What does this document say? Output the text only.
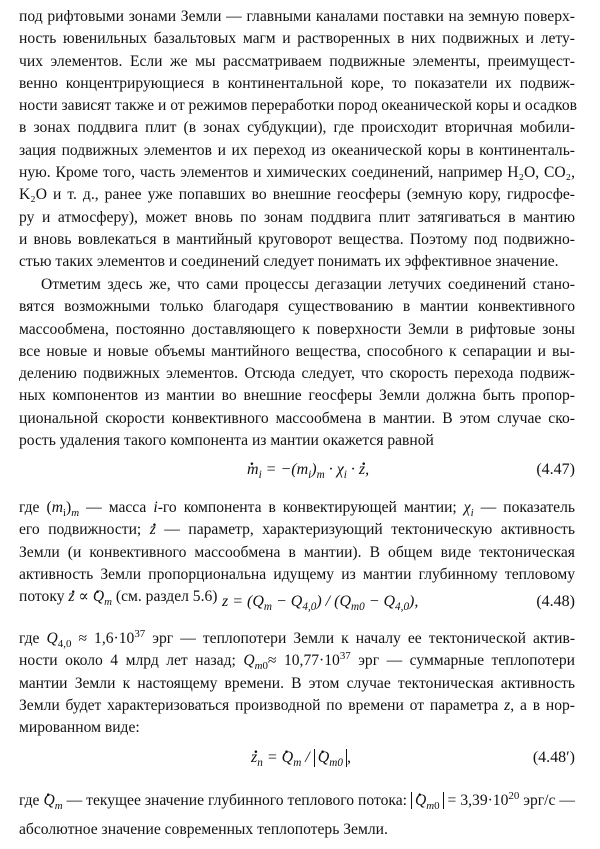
под рифтовыми зонами Земли — главными каналами поставки на земную поверх-
ность ювенильных базальтовых магм и растворенных в них подвижных и лету-
чих элементов. Если же мы рассматриваем подвижные элементы, преимущест-
венно концентрирующиеся в континентальной коре, то показатели их подвиж-
ности зависят также и от режимов переработки пород океанической коры и осадков
в зонах поддвига плит (в зонах субдукции), где происходит вторичная мобили-
зация подвижных элементов и их переход из океанической коры в континенталь-
ную. Кроме того, часть элементов и химических соединений, например H₂O, CO₂,
K₂O и т. д., ранее уже попавших во внешние геосферы (земную кору, гидросфе-
ру и атмосферу), может вновь по зонам поддвига плит затягиваться в мантию
и вновь вовлекаться в мантийный круговорот вещества. Поэтому под подвижно-
стью таких элементов и соединений следует понимать их эффективное значение.
Отметим здесь же, что сами процессы дегазации летучих соединений стано-
вятся возможными только благодаря существованию в мантии конвективного
массообмена, постоянно доставляющего к поверхности Земли в рифтовые зоны
все новые и новые объемы мантийного вещества, способного к сепарации и вы-
делению подвижных элементов. Отсюда следует, что скорость перехода подвиж-
ных компонентов из мантии во внешние геосферы Земли должна быть пропор-
циональной скорости конвективного массообмена в мантии. В этом случае ско-
рость удаления такого компонента из мантии окажется равной
m $._i = -(m_i)_m \cdot \chi_i \cdot z$ .,	(4.47)
где $(m_i)_m$ — масса i-го компонента в конвектирующей мантии; $\chi_i$ — показатель
его подвижности; z . — параметр, характеризующий тектоническую активность
Земли (и конвективного массообмена в мантии). В общем виде тектоническая
активность Земли пропорциональна идущему из мантии глубинному тепловому
потоку z . ∝ Q $._m$ (см. раздел 5.6) $z = (Q_m - Q_{4,0}) / (Q_{m0} - Q_{4,0})$,	(4.48)
где $Q_{4,0} \approx 1,6\cdot 10^{37}$ эрг — теплопотери Земли к началу ее тектонической актив-
ности около 4 млрд лет назад; $Q_{m0}\approx 10,77\cdot 10^{37}$ эрг — суммарные теплопотери
мантии Земли к настоящему времени. В этом случае тектоническая активность
Земли будет характеризоваться производной по времени от параметра z, а в нор-
мированном виде:
z $._n = Q$ $._m$ / Q $._{m0}$ ,	(4.48′)
где Q $._m$ — текущее значение глубинного теплового потока: Q $._{m0} = 3,39\cdot 10^{20}$ эрг/с —
абсолютное значение современных теплопотерь Земли.
